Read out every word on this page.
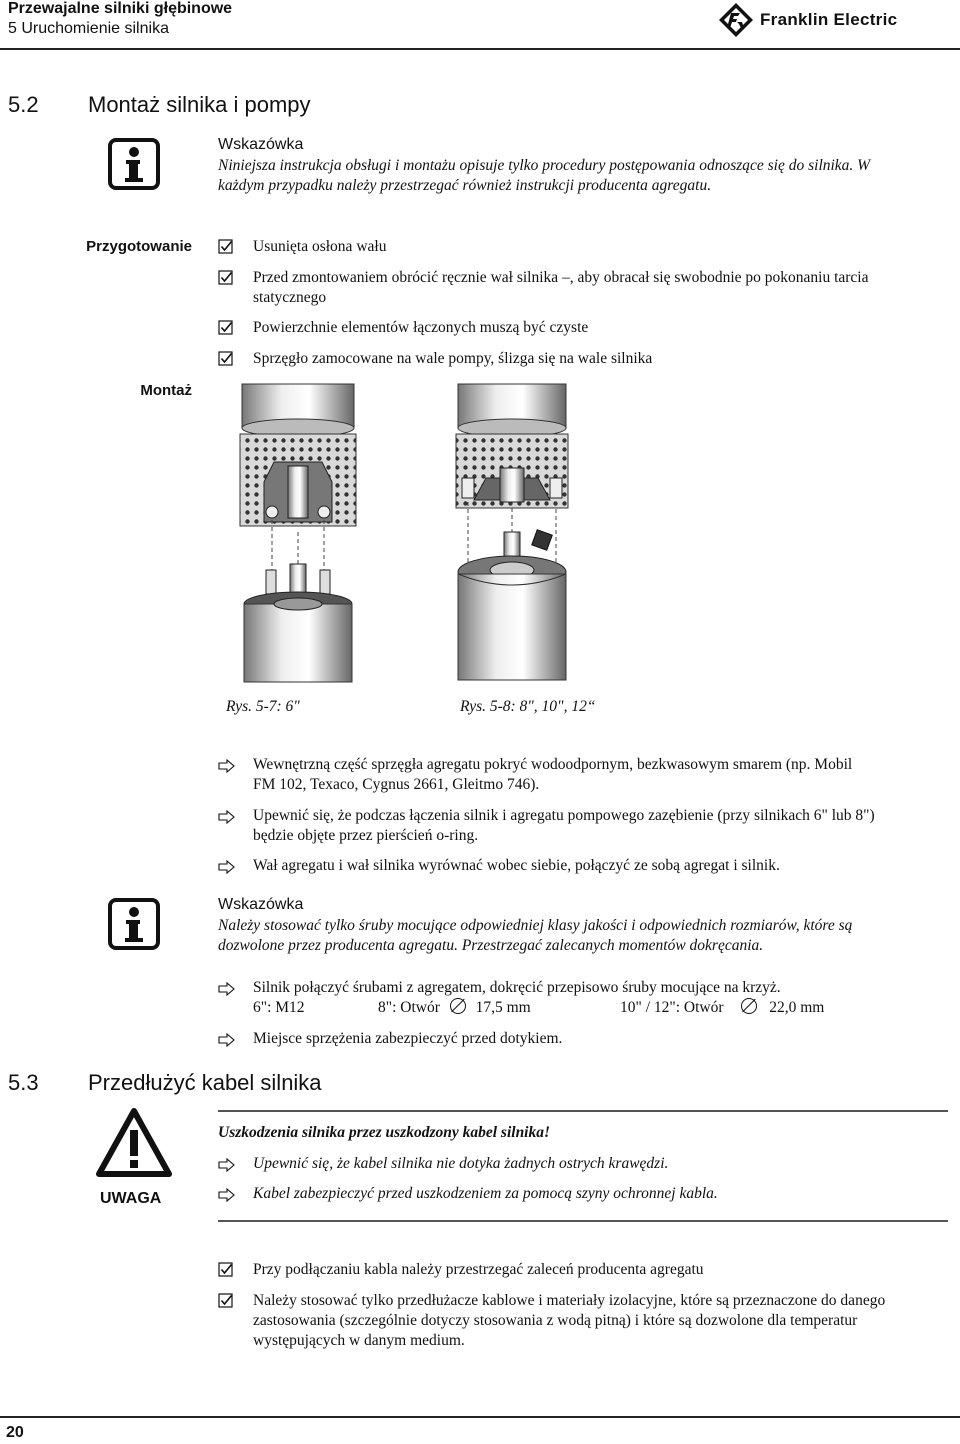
Przewajalne silniki głębinowe
5 Uruchomienie silnika	Franklin Electric
5.2 Montaż silnika i pompy
Wskazówka
Niniejsza instrukcja obsługi i montażu opisuje tylko procedury postępowania odnoszące się do silnika. W
każdym przypadku należy przestrzegać również instrukcji producenta agregatu.
Przygotowanie
Montaż
Usunięta osłona wału
Przed zmontowaniem obrócić ręcznie wał silnika –, aby obracał się swobodnie po pokonaniu tarcia
statycznego
Powierzchnie elementów łączonych muszą być czyste
Sprzęgło zamocowane na wale pompy, ślizga się na wale silnika
Rys. 5-7: 6"	Rys. 5-8: 8", 10", 12“
Wewnętrzną część sprzęgła agregatu pokryć wodoodpornym, bezkwasowym smarem (np. Mobil
FM 102, Texaco, Cygnus 2661, Gleitmo 746).
Upewnić się, że podczas łączenia silnik i agregatu pompowego zazębienie (przy silnikach 6" lub 8")
będzie objęte przez pierścień o-ring.
Wał agregatu i wał silnika wyrównać wobec siebie, połączyć ze sobą agregat i silnik.
Wskazówka
Należy stosować tylko śruby mocujące odpowiedniej klasy jakości i odpowiednich rozmiarów, które są
dozwolone przez producenta agregatu. Przestrzegać zalecanych momentów dokręcania.
Silnik połączyć śrubami z agregatem, dokręcić przepisowo śruby mocujące na krzyż.
6": M12	8": Otwór 17,5 mm	10" / 12": Otwór	22,0 mm
Miejsce sprzężenia zabezpieczyć przed dotykiem.
5.3 Przedłużyć kabel silnika
UWAGA
Uszkodzenia silnika przez uszkodzony kabel silnika!
Upewnić się, że kabel silnika nie dotyka żadnych ostrych krawędzi.
Kabel zabezpieczyć przed uszkodzeniem za pomocą szyny ochronnej kabla.
Przy podłączaniu kabla należy przestrzegać zaleceń producenta agregatu
Należy stosować tylko przedłużacze kablowe i materiały izolacyjne, które są przeznaczone do danego
zastosowania (szczególnie dotyczy stosowania z wodą pitną) i które są dozwolone dla temperatur
występujących w danym medium.
20
